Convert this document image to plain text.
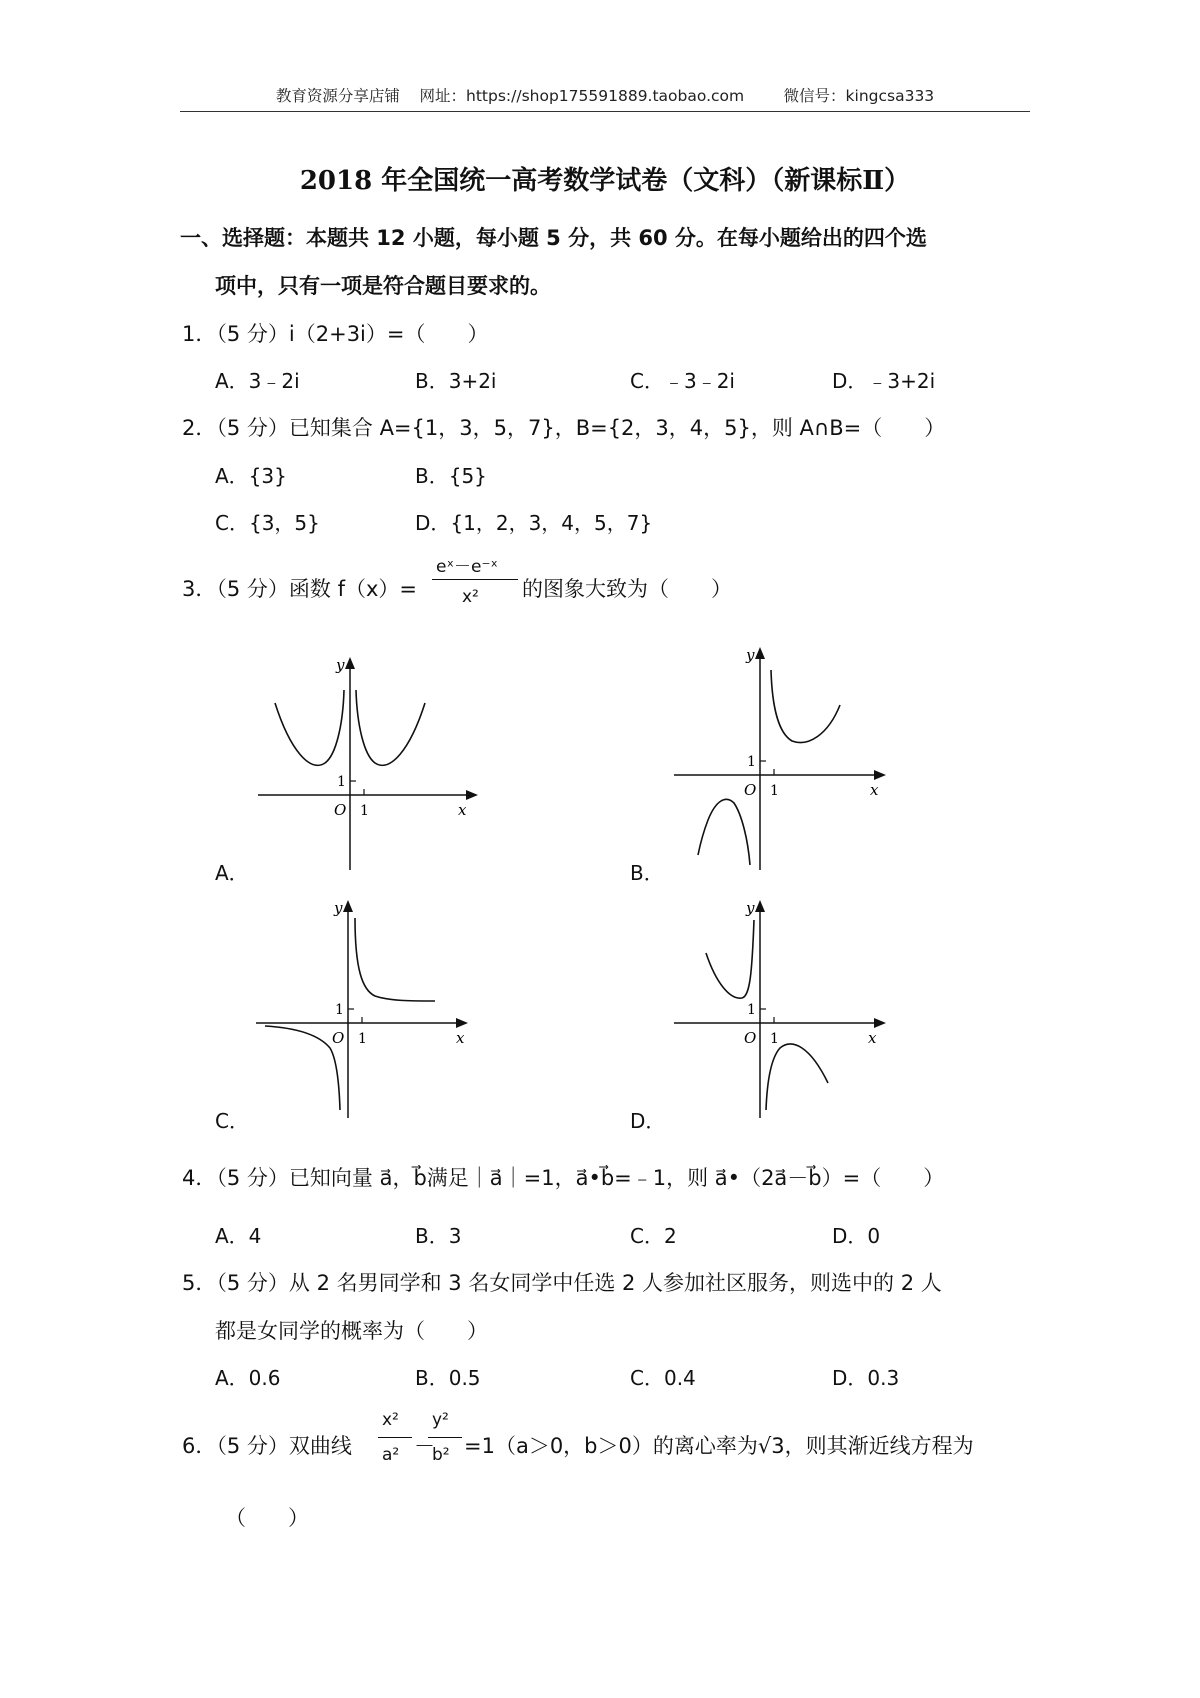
教育资源分享店铺    网址：https://shop175591889.taobao.com        微信号：kingcsa333
2018 年全国统一高考数学试卷（文科）（新课标Ⅱ）
一、选择题：本题共 12 小题，每小题 5 分，共 60 分。在每小题给出的四个选
项中，只有一项是符合题目要求的。
1．（5 分）i（2+3i）=（　　）
A．3﹣2i	B．3+2i	C．﹣3﹣2i	D．﹣3+2i
2．（5 分）已知集合 A={1，3，5，7}，B={2，3，4，5}，则 A∩B=（　　）
A．{3}	B．{5}
C．{3，5}	D．{1，2，3，4，5，7}
3．（5 分）函数 f（x）=
eˣ－e⁻ˣ
x² 的图象大致为（　　）
y
x
O 1
1
A．
y
x
O 1
1
B．
y
x
O 1
1
C．
y
x
O 1
1
D．
4．（5 分）已知向量 a⃗，b⃗满足｜a⃗｜=1，a⃗•b⃗=﹣1，则 a⃗•（2a⃗－b⃗）=（　　）
A．4	B．3	C．2	D．0
5．（5 分）从 2 名男同学和 3 名女同学中任选 2 人参加社区服务，则选中的 2 人
都是女同学的概率为（　　）
A．0.6	B．0.5	C．0.4	D．0.3
6．（5 分）双曲线
x²
a² －
y²
b² =1（a＞0，b＞0）的离心率为√3，则其渐近线方程为
（　　）
